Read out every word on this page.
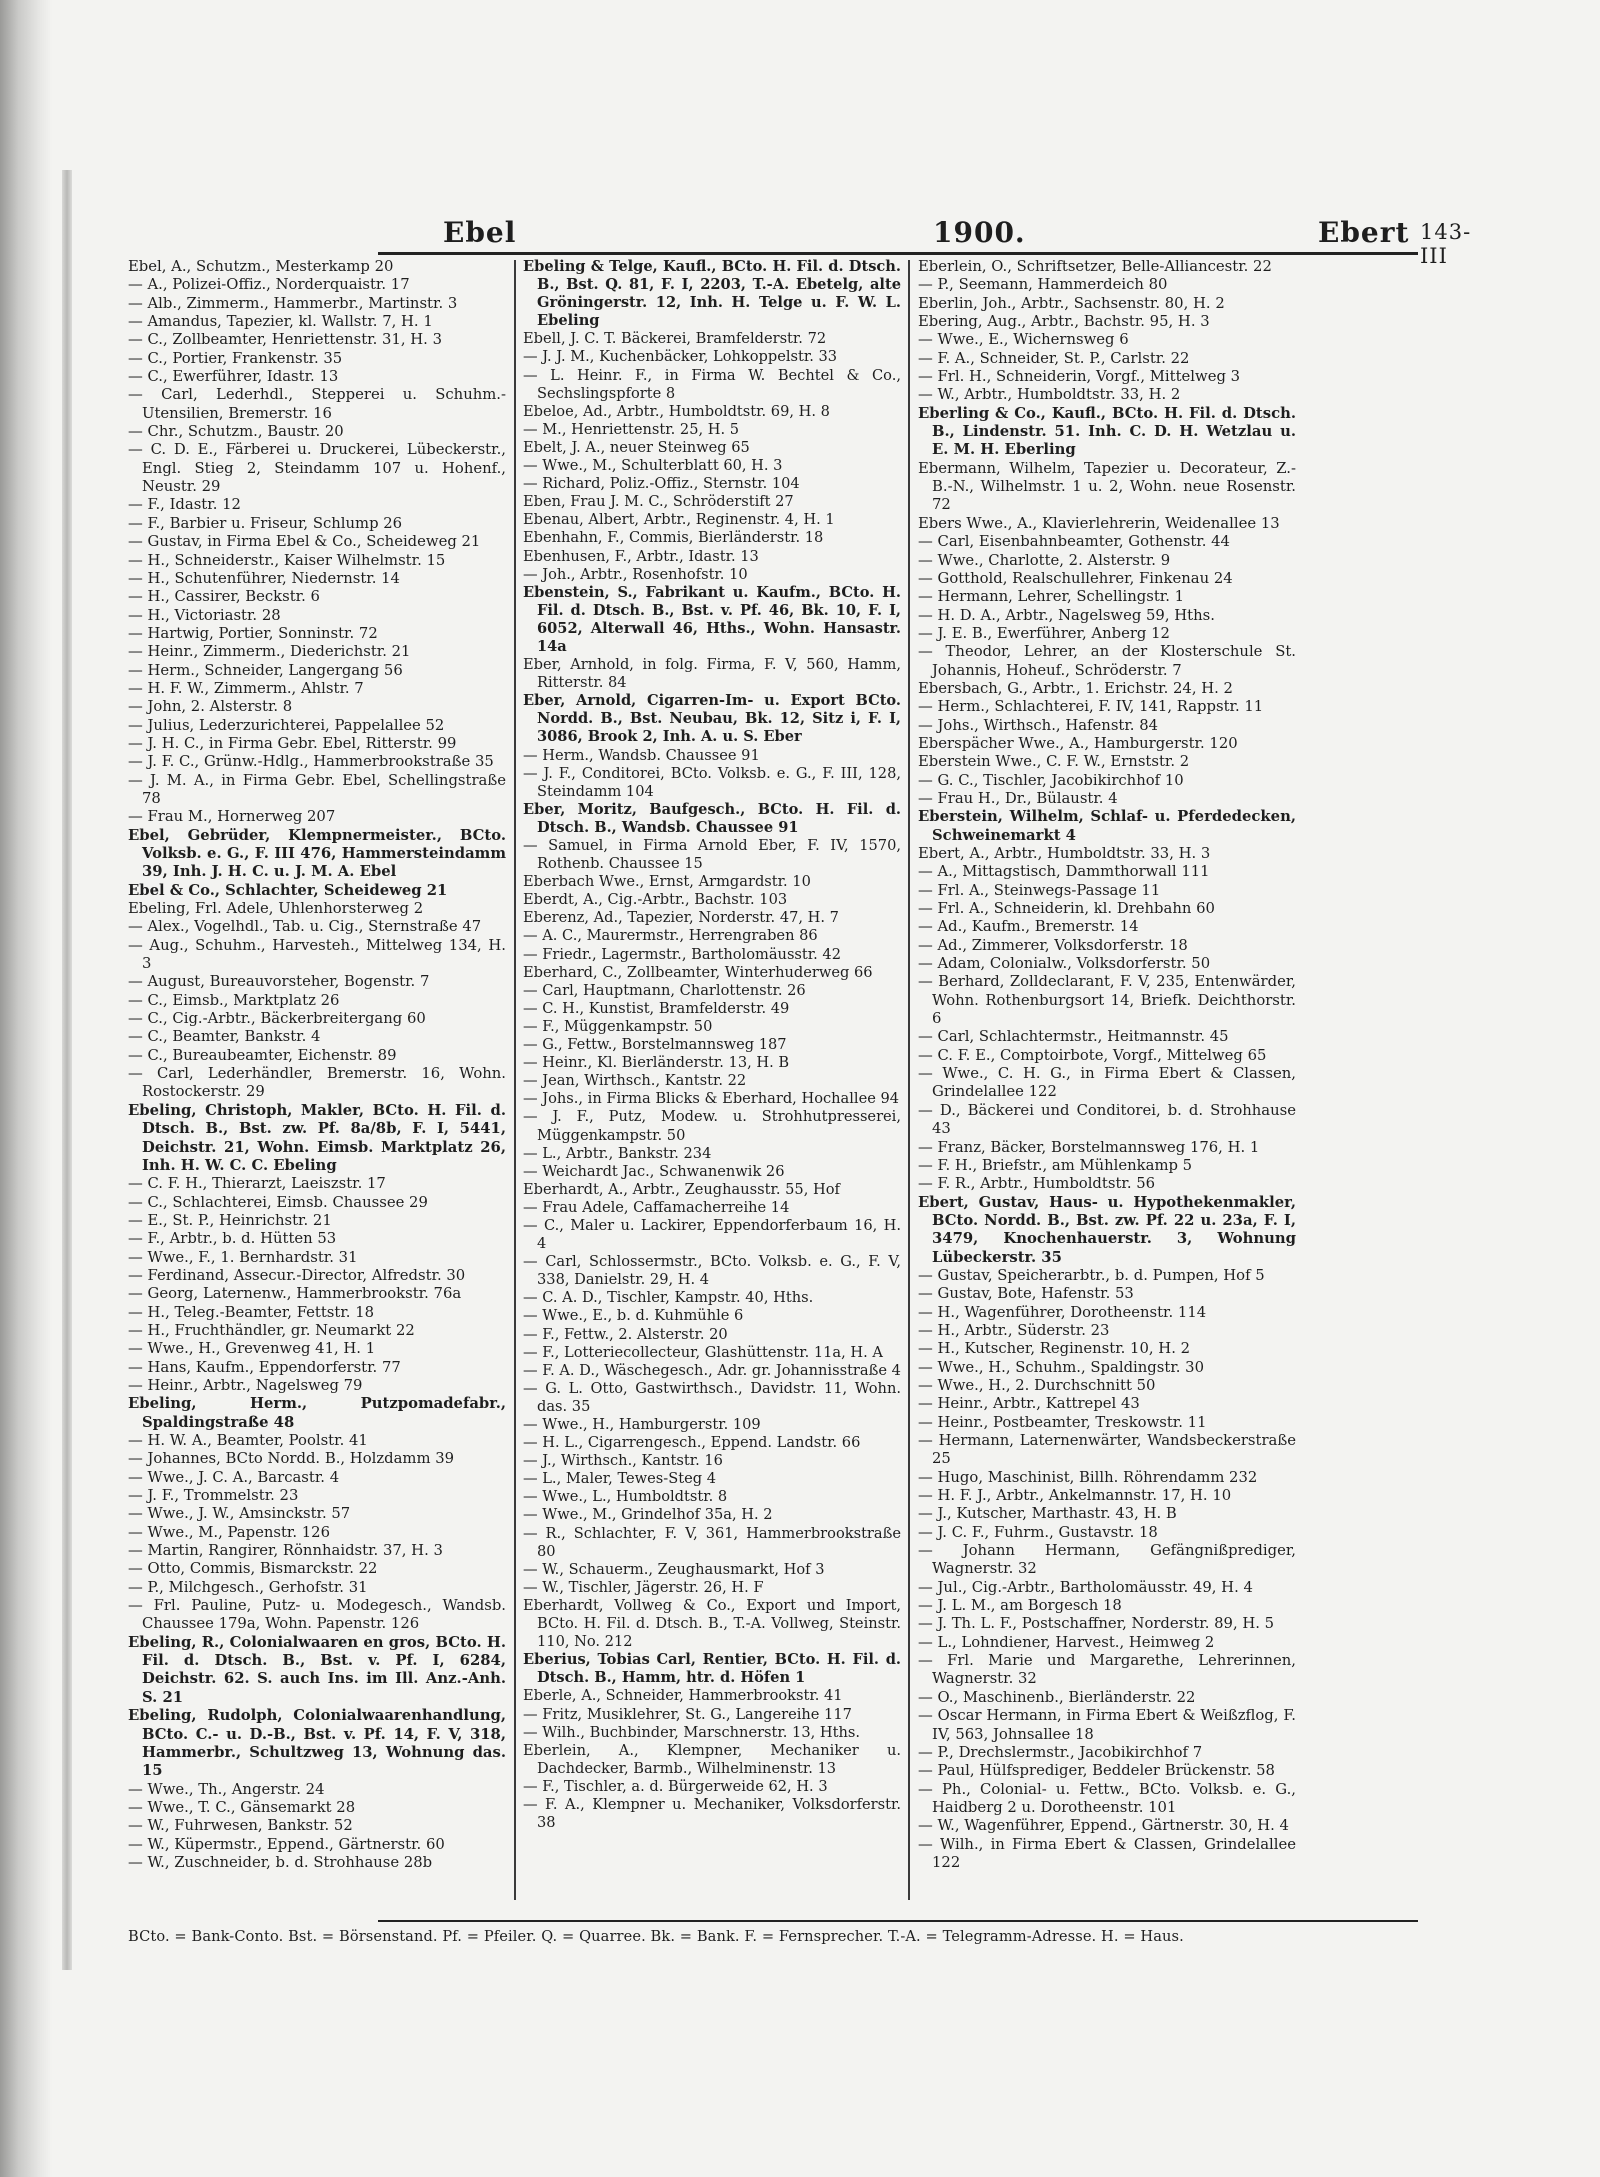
Ebel	1900.	Ebert 143-III

Ebel, A., Schutzm., Mesterkamp 20

— A., Polizei-Offiz., Norderquaistr. 17

— Alb., Zimmerm., Hammerbr., Martinstr. 3

— Amandus, Tapezier, kl. Wallstr. 7, H. 1

— C., Zollbeamter, Henriettenstr. 31, H. 3

— C., Portier, Frankenstr. 35

— C., Ewerführer, Idastr. 13

— Carl, Lederhdl., Stepperei u. Schuhm.-Utensilien, Bremerstr. 16

— Chr., Schutzm., Baustr. 20

— C. D. E., Färberei u. Druckerei, Lübeckerstr., Engl. Stieg 2, Steindamm 107 u. Hohenf., Neustr. 29

— F., Idastr. 12

— F., Barbier u. Friseur, Schlump 26

— Gustav, in Firma Ebel & Co., Scheideweg 21

— H., Schneiderstr., Kaiser Wilhelmstr. 15

— H., Schutenführer, Niedernstr. 14

— H., Cassirer, Beckstr. 6

— H., Victoriastr. 28

— Hartwig, Portier, Sonninstr. 72

— Heinr., Zimmerm., Diederichstr. 21

— Herm., Schneider, Langergang 56

— H. F. W., Zimmerm., Ahlstr. 7

— John, 2. Alsterstr. 8

— Julius, Lederzurichterei, Pappelallee 52

— J. H. C., in Firma Gebr. Ebel, Ritterstr. 99

— J. F. C., Grünw.-Hdlg., Hammerbrookstraße 35

— J. M. A., in Firma Gebr. Ebel, Schellingstraße 78

— Frau M., Hornerweg 207

Ebel, Gebrüder, Klempnermeister., BCto. Volksb. e. G., F. III 476, Hammersteindamm 39, Inh. J. H. C. u. J. M. A. Ebel

Ebel & Co., Schlachter, Scheideweg 21

Ebeling, Frl. Adele, Uhlenhorsterweg 2

— Alex., Vogelhdl., Tab. u. Cig., Sternstraße 47

— Aug., Schuhm., Harvesteh., Mittelweg 134, H. 3

— August, Bureauvorsteher, Bogenstr. 7

— C., Eimsb., Marktplatz 26

— C., Cig.-Arbtr., Bäckerbreitergang 60

— C., Beamter, Bankstr. 4

— C., Bureaubeamter, Eichenstr. 89

— Carl, Lederhändler, Bremerstr. 16, Wohn. Rostockerstr. 29

Ebeling, Christoph, Makler, BCto. H. Fil. d. Dtsch. B., Bst. zw. Pf. 8a/8b, F. I, 5441, Deichstr. 21, Wohn. Eimsb. Marktplatz 26, Inh. H. W. C. C. Ebeling

— C. F. H., Thierarzt, Laeiszstr. 17

— C., Schlachterei, Eimsb. Chaussee 29

— E., St. P., Heinrichstr. 21

— F., Arbtr., b. d. Hütten 53

— Wwe., F., 1. Bernhardstr. 31

— Ferdinand, Assecur.-Director, Alfredstr. 30

— Georg, Laternenw., Hammerbrookstr. 76a

— H., Teleg.-Beamter, Fettstr. 18

— H., Fruchthändler, gr. Neumarkt 22

— Wwe., H., Grevenweg 41, H. 1

— Hans, Kaufm., Eppendorferstr. 77

— Heinr., Arbtr., Nagelsweg 79

Ebeling, Herm., Putzpomadefabr., Spaldingstraße 48

— H. W. A., Beamter, Poolstr. 41

— Johannes, BCto Nordd. B., Holzdamm 39

— Wwe., J. C. A., Barcastr. 4

— J. F., Trommelstr. 23

— Wwe., J. W., Amsinckstr. 57

— Wwe., M., Papenstr. 126

— Martin, Rangirer, Rönnhaidstr. 37, H. 3

— Otto, Commis, Bismarckstr. 22

— P., Milchgesch., Gerhofstr. 31

— Frl. Pauline, Putz- u. Modegesch., Wandsb. Chaussee 179a, Wohn. Papenstr. 126

Ebeling, R., Colonialwaaren en gros, BCto. H. Fil. d. Dtsch. B., Bst. v. Pf. I, 6284, Deichstr. 62. S. auch Ins. im Ill. Anz.-Anh. S. 21

Ebeling, Rudolph, Colonialwaarenhandlung, BCto. C.- u. D.-B., Bst. v. Pf. 14, F. V, 318, Hammerbr., Schultzweg 13, Wohnung das. 15

— Wwe., Th., Angerstr. 24

— Wwe., T. C., Gänsemarkt 28

— W., Fuhrwesen, Bankstr. 52

— W., Küpermstr., Eppend., Gärtnerstr. 60

— W., Zuschneider, b. d. Strohhause 28b

Ebeling & Telge, Kaufl., BCto. H. Fil. d. Dtsch. B., Bst. Q. 81, F. I, 2203, T.-A. Ebetelg, alte Gröningerstr. 12, Inh. H. Telge u. F. W. L. Ebeling

Ebell, J. C. T. Bäckerei, Bramfelderstr. 72

— J. J. M., Kuchenbäcker, Lohkoppelstr. 33

— L. Heinr. F., in Firma W. Bechtel & Co., Sechslingspforte 8

Ebeloe, Ad., Arbtr., Humboldtstr. 69, H. 8

— M., Henriettenstr. 25, H. 5

Ebelt, J. A., neuer Steinweg 65

— Wwe., M., Schulterblatt 60, H. 3

— Richard, Poliz.-Offiz., Sternstr. 104

Eben, Frau J. M. C., Schröderstift 27

Ebenau, Albert, Arbtr., Reginenstr. 4, H. 1

Ebenhahn, F., Commis, Bierländerstr. 18

Ebenhusen, F., Arbtr., Idastr. 13

— Joh., Arbtr., Rosenhofstr. 10

Ebenstein, S., Fabrikant u. Kaufm., BCto. H. Fil. d. Dtsch. B., Bst. v. Pf. 46, Bk. 10, F. I, 6052, Alterwall 46, Hths., Wohn. Hansastr. 14a

Eber, Arnhold, in folg. Firma, F. V, 560, Hamm, Ritterstr. 84

Eber, Arnold, Cigarren-Im- u. Export BCto. Nordd. B., Bst. Neubau, Bk. 12, Sitz i, F. I, 3086, Brook 2, Inh. A. u. S. Eber

— Herm., Wandsb. Chaussee 91

— J. F., Conditorei, BCto. Volksb. e. G., F. III, 128, Steindamm 104

Eber, Moritz, Baufgesch., BCto. H. Fil. d. Dtsch. B., Wandsb. Chaussee 91

— Samuel, in Firma Arnold Eber, F. IV, 1570, Rothenb. Chaussee 15

Eberbach Wwe., Ernst, Armgardstr. 10

Eberdt, A., Cig.-Arbtr., Bachstr. 103

Eberenz, Ad., Tapezier, Norderstr. 47, H. 7

— A. C., Maurermstr., Herrengraben 86

— Friedr., Lagermstr., Bartholomäusstr. 42

Eberhard, C., Zollbeamter, Winterhuderweg 66

— Carl, Hauptmann, Charlottenstr. 26

— C. H., Kunstist, Bramfelderstr. 49

— F., Müggenkampstr. 50

— G., Fettw., Borstelmannsweg 187

— Heinr., Kl. Bierländerstr. 13, H. B

— Jean, Wirthsch., Kantstr. 22

— Johs., in Firma Blicks & Eberhard, Hochallee 94

— J. F., Putz, Modew. u. Strohhutpresserei, Müggenkampstr. 50

— L., Arbtr., Bankstr. 234

— Weichardt Jac., Schwanenwik 26

Eberhardt, A., Arbtr., Zeughausstr. 55, Hof

— Frau Adele, Caffamacherreihe 14

— C., Maler u. Lackirer, Eppendorferbaum 16, H. 4

— Carl, Schlossermstr., BCto. Volksb. e. G., F. V, 338, Danielstr. 29, H. 4

— C. A. D., Tischler, Kampstr. 40, Hths.

— Wwe., E., b. d. Kuhmühle 6

— F., Fettw., 2. Alsterstr. 20

— F., Lotteriecollecteur, Glashüttenstr. 11a, H. A

— F. A. D., Wäschegesch., Adr. gr. Johannisstraße 4

— G. L. Otto, Gastwirthsch., Davidstr. 11, Wohn. das. 35

— Wwe., H., Hamburgerstr. 109

— H. L., Cigarrengesch., Eppend. Landstr. 66

— J., Wirthsch., Kantstr. 16

— L., Maler, Tewes-Steg 4

— Wwe., L., Humboldtstr. 8

— Wwe., M., Grindelhof 35a, H. 2

— R., Schlachter, F. V, 361, Hammerbrookstraße 80

— W., Schauerm., Zeughausmarkt, Hof 3

— W., Tischler, Jägerstr. 26, H. F

Eberhardt, Vollweg & Co., Export und Import, BCto. H. Fil. d. Dtsch. B., T.-A. Vollweg, Steinstr. 110, No. 212

Eberius, Tobias Carl, Rentier, BCto. H. Fil. d. Dtsch. B., Hamm, htr. d. Höfen 1

Eberle, A., Schneider, Hammerbrookstr. 41

— Fritz, Musiklehrer, St. G., Langereihe 117

— Wilh., Buchbinder, Marschnerstr. 13, Hths.

Eberlein, A., Klempner, Mechaniker u. Dachdecker, Barmb., Wilhelminenstr. 13

— F., Tischler, a. d. Bürgerweide 62, H. 3

— F. A., Klempner u. Mechaniker, Volksdorferstr. 38

Eberlein, O., Schriftsetzer, Belle-Alliancestr. 22

— P., Seemann, Hammerdeich 80

Eberlin, Joh., Arbtr., Sachsenstr. 80, H. 2

Ebering, Aug., Arbtr., Bachstr. 95, H. 3

— Wwe., E., Wichernsweg 6

— F. A., Schneider, St. P., Carlstr. 22

— Frl. H., Schneiderin, Vorgf., Mittelweg 3

— W., Arbtr., Humboldtstr. 33, H. 2

Eberling & Co., Kaufl., BCto. H. Fil. d. Dtsch. B., Lindenstr. 51. Inh. C. D. H. Wetzlau u. E. M. H. Eberling

Ebermann, Wilhelm, Tapezier u. Decorateur, Z.-B.-N., Wilhelmstr. 1 u. 2, Wohn. neue Rosenstr. 72

Ebers Wwe., A., Klavierlehrerin, Weidenallee 13

— Carl, Eisenbahnbeamter, Gothenstr. 44

— Wwe., Charlotte, 2. Alsterstr. 9

— Gotthold, Realschullehrer, Finkenau 24

— Hermann, Lehrer, Schellingstr. 1

— H. D. A., Arbtr., Nagelsweg 59, Hths.

— J. E. B., Ewerführer, Anberg 12

— Theodor, Lehrer, an der Klosterschule St. Johannis, Hoheuf., Schröderstr. 7

Ebersbach, G., Arbtr., 1. Erichstr. 24, H. 2

— Herm., Schlachterei, F. IV, 141, Rappstr. 11

— Johs., Wirthsch., Hafenstr. 84

Eberspächer Wwe., A., Hamburgerstr. 120

Eberstein Wwe., C. F. W., Ernststr. 2

— G. C., Tischler, Jacobikirchhof 10

— Frau H., Dr., Bülaustr. 4

Eberstein, Wilhelm, Schlaf- u. Pferdedecken, Schweinemarkt 4

Ebert, A., Arbtr., Humboldtstr. 33, H. 3

— A., Mittagstisch, Dammthorwall 111

— Frl. A., Steinwegs-Passage 11

— Frl. A., Schneiderin, kl. Drehbahn 60

— Ad., Kaufm., Bremerstr. 14

— Ad., Zimmerer, Volksdorferstr. 18

— Adam, Colonialw., Volksdorferstr. 50

— Berhard, Zolldeclarant, F. V, 235, Entenwärder, Wohn. Rothenburgsort 14, Briefk. Deichthorstr. 6

— Carl, Schlachtermstr., Heitmannstr. 45

— C. F. E., Comptoirbote, Vorgf., Mittelweg 65

— Wwe., C. H. G., in Firma Ebert & Classen, Grindelallee 122

— D., Bäckerei und Conditorei, b. d. Strohhause 43

— Franz, Bäcker, Borstelmannsweg 176, H. 1

— F. H., Briefstr., am Mühlenkamp 5

— F. R., Arbtr., Humboldtstr. 56

Ebert, Gustav, Haus- u. Hypothekenmakler, BCto. Nordd. B., Bst. zw. Pf. 22 u. 23a, F. I, 3479, Knochenhauerstr. 3, Wohnung Lübeckerstr. 35

— Gustav, Speicherarbtr., b. d. Pumpen, Hof 5

— Gustav, Bote, Hafenstr. 53

— H., Wagenführer, Dorotheenstr. 114

— H., Arbtr., Süderstr. 23

— H., Kutscher, Reginenstr. 10, H. 2

— Wwe., H., Schuhm., Spaldingstr. 30

— Wwe., H., 2. Durchschnitt 50

— Heinr., Arbtr., Kattrepel 43

— Heinr., Postbeamter, Treskowstr. 11

— Hermann, Laternenwärter, Wandsbeckerstraße 25

— Hugo, Maschinist, Billh. Röhrendamm 232

— H. F. J., Arbtr., Ankelmannstr. 17, H. 10

— J., Kutscher, Marthastr. 43, H. B

— J. C. F., Fuhrm., Gustavstr. 18

— Johann Hermann, Gefängnißprediger, Wagnerstr. 32

— Jul., Cig.-Arbtr., Bartholomäusstr. 49, H. 4

— J. L. M., am Borgesch 18

— J. Th. L. F., Postschaffner, Norderstr. 89, H. 5

— L., Lohndiener, Harvest., Heimweg 2

— Frl. Marie und Margarethe, Lehrerinnen, Wagnerstr. 32

— O., Maschinenb., Bierländerstr. 22

— Oscar Hermann, in Firma Ebert & Weißzflog, F. IV, 563, Johnsallee 18

— P., Drechslermstr., Jacobikirchhof 7

— Paul, Hülfsprediger, Beddeler Brückenstr. 58

— Ph., Colonial- u. Fettw., BCto. Volksb. e. G., Haidberg 2 u. Dorotheenstr. 101

— W., Wagenführer, Eppend., Gärtnerstr. 30, H. 4

— Wilh., in Firma Ebert & Classen, Grindelallee 122

BCto. = Bank-Conto. Bst. = Börsenstand. Pf. = Pfeiler. Q. = Quarree. Bk. = Bank. F. = Fernsprecher. T.-A. = Telegramm-Adresse. H. = Haus.
